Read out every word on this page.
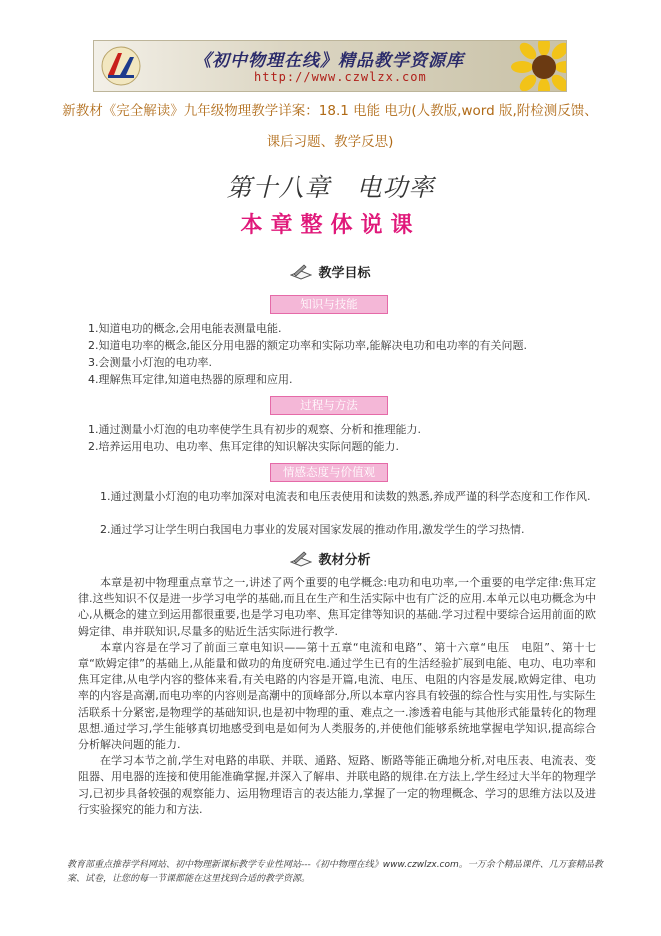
《初中物理在线》精品教学资源库
http://www.czwlzx.com
新教材《完全解读》九年级物理教学详案：18.1 电能 电功(人教版,word 版,附检测反馈、课后习题、教学反思)
第十八章　电功率
本章整体说课
教学目标
知识与技能
1.知道电功的概念,会用电能表测量电能.
2.知道电功率的概念,能区分用电器的额定功率和实际功率,能解决电功和电功率的有关问题.
3.会测量小灯泡的电功率.
4.理解焦耳定律,知道电热器的原理和应用.
过程与方法
1.通过测量小灯泡的电功率使学生具有初步的观察、分析和推理能力.
2.培养运用电功、电功率、焦耳定律的知识解决实际问题的能力.
情感态度与价值观

1.通过测量小灯泡的电功率加深对电流表和电压表使用和读数的熟悉,养成严谨的科学态度和工作作风.

2.通过学习让学生明白我国电力事业的发展对国家发展的推动作用,激发学生的学习热情.

教材分析

本章是初中物理重点章节之一,讲述了两个重要的电学概念:电功和电功率,一个重要的电学定律:焦耳定律.这些知识不仅是进一步学习电学的基础,而且在生产和生活实际中也有广泛的应用.本单元以电功概念为中心,从概念的建立到运用都很重要,也是学习电功率、焦耳定律等知识的基础.学习过程中要综合运用前面的欧姆定律、串并联知识,尽量多的贴近生活实际进行教学.

本章内容是在学习了前面三章电知识——第十五章“电流和电路”、第十六章“电压　电阻”、第十七章“欧姆定律”的基础上,从能量和做功的角度研究电.通过学生已有的生活经验扩展到电能、电功、电功率和焦耳定律,从电学内容的整体来看,有关电路的内容是开篇,电流、电压、电阻的内容是发展,欧姆定律、电功率的内容是高潮,而电功率的内容则是高潮中的顶峰部分,所以本章内容具有较强的综合性与实用性,与实际生活联系十分紧密,是物理学的基础知识,也是初中物理的重、难点之一.渗透着电能与其他形式能量转化的物理思想.通过学习,学生能够真切地感受到电是如何为人类服务的,并使他们能够系统地掌握电学知识,提高综合分析解决问题的能力.

在学习本节之前,学生对电路的串联、并联、通路、短路、断路等能正确地分析,对电压表、电流表、变阻器、用电器的连接和使用能准确掌握,并深入了解串、并联电路的规律.在方法上,学生经过大半年的物理学习,已初步具备较强的观察能力、运用物理语言的表达能力,掌握了一定的物理概念、学习的思维方法以及进行实验探究的能力和方法.

教育部重点推荐学科网站、初中物理新课标教学专业性网站---《初中物理在线》www.czwlzx.com。一万余个精品课件、几万套精品教案、试卷，让您的每一节课都能在这里找到合适的教学资源。
